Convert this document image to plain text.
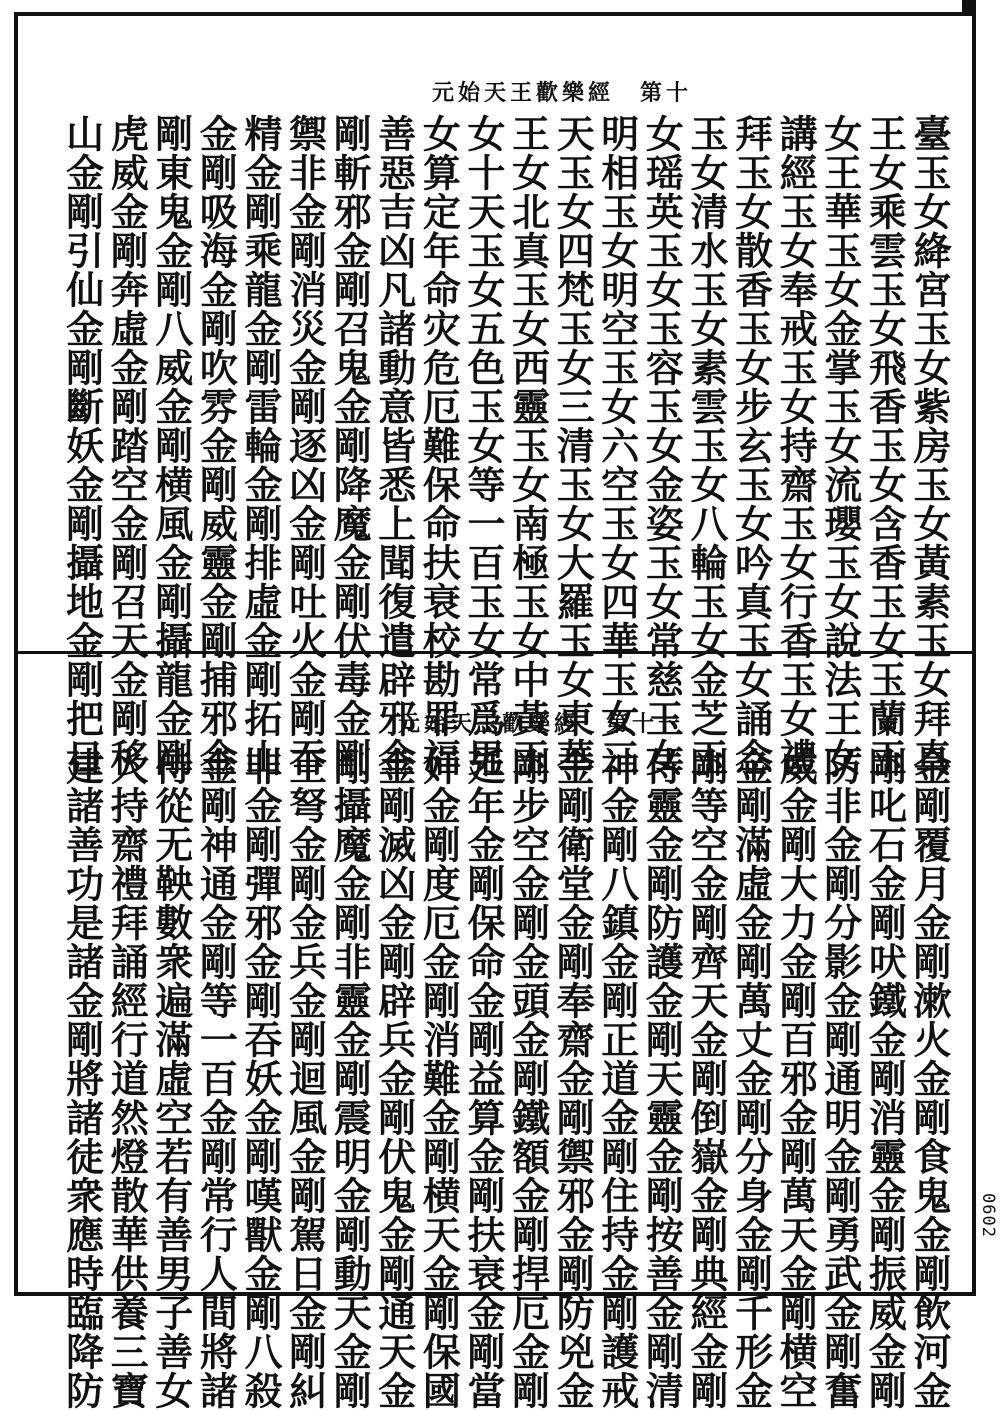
元始天王歡樂經　第十
元始天王歡樂經　第十一
0602
臺玉女絳宮玉女紫房玉女黃素玉女拜真
王女乘雲玉女飛香玉女含香玉女玉蘭玉
女王華玉女金掌玉女流瓔玉女說法王女
講經玉女奉戒玉女持齋玉女行香玉女禮
拜玉女散香玉女步玄玉女吟真玉女誦念
玉女清水玉女素雲玉女八輪玉女金芝玉
女瑶英玉女玉容玉女金姿玉女常慈玉女
明相玉女明空玉女六空玉女四華玉女三
天玉女四梵玉女三清玉女大羅玉女東華
王女北真玉女西靈玉女南極玉女中黃玉
女十天玉女五色玉女等一百玉女常爲男
女算定年命灾危厄難保命扶衰校勘罪福
善惡吉凶凡諸動意皆悉上聞復遣辟邪金
剛斬邪金剛召鬼金剛降魔金剛伏毒金剛
禦非金剛消災金剛逐凶金剛吐火金剛吞
精金剛乘龍金剛雷輪金剛排虛金剛拓山
金剛吸海金剛吹雰金剛威靈金剛捕邪金
剛東鬼金剛八威金剛横風金剛攝龍金剛
虎威金剛奔虛金剛踏空金剛召天金剛移
山金剛引仙金剛斷妖金剛攝地金剛把日
金剛覆月金剛漱火金剛食鬼金剛飲河金
剛叱石金剛吠鐵金剛消靈金剛振威金剛
防非金剛分影金剛通明金剛勇武金剛奮
威金剛大力金剛百邪金剛萬天金剛横空
金剛滿虛金剛萬丈金剛分身金剛千形金
剛等空金剛齊天金剛倒嶽金剛典經金剛
侍靈金剛防護金剛天靈金剛按善金剛清
神金剛八鎮金剛正道金剛住持金剛護戒
金剛衛堂金剛奉齋金剛禦邪金剛防兇金
剛步空金剛金頭金剛鐵額金剛捍厄金剛
延年金剛保命金剛益算金剛扶衰金剛當
奸金剛度厄金剛消難金剛横天金剛保國
金剛滅凶金剛辟兵金剛伏鬼金剛通天金
剛攝魔金剛非靈金剛震明金剛動天金剛
王弩金剛金兵金剛迴風金剛駕日金剛糾
非金剛彈邪金剛吞妖金剛嘆獸金剛八殺
金剛神通金剛等一百金剛常行人間將諸
侍從无鞅數衆遍滿虛空若有善男子善女
人持齋禮拜誦經行道然燈散華供養三寶
建諸善功是諸金剛將諸徒衆應時臨降防
